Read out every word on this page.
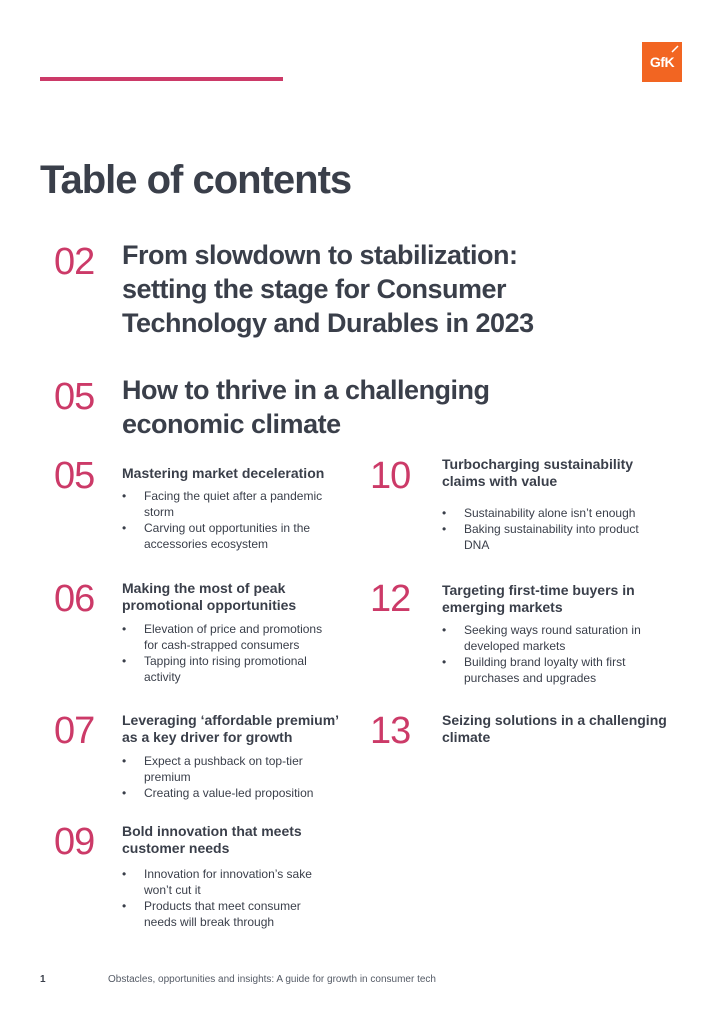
GfK
Table of contents
02 From slowdown to stabilization: setting the stage for Consumer Technology and Durables in 2023
05 How to thrive in a challenging economic climate
05 Mastering market deceleration
• Facing the quiet after a pandemic storm
• Carving out opportunities in the accessories ecosystem
06 Making the most of peak promotional opportunities
• Elevation of price and promotions for cash-strapped consumers
• Tapping into rising promotional activity
07 Leveraging ‘affordable premium’ as a key driver for growth
• Expect a pushback on top-tier premium
• Creating a value-led proposition
09 Bold innovation that meets customer needs
• Innovation for innovation’s sake won’t cut it
• Products that meet consumer needs will break through
10 Turbocharging sustainability claims with value
• Sustainability alone isn’t enough
• Baking sustainability into product DNA
12 Targeting first-time buyers in emerging markets
• Seeking ways round saturation in developed markets
• Building brand loyalty with first purchases and upgrades
13 Seizing solutions in a challenging climate
1	Obstacles, opportunities and insights: A guide for growth in consumer tech
